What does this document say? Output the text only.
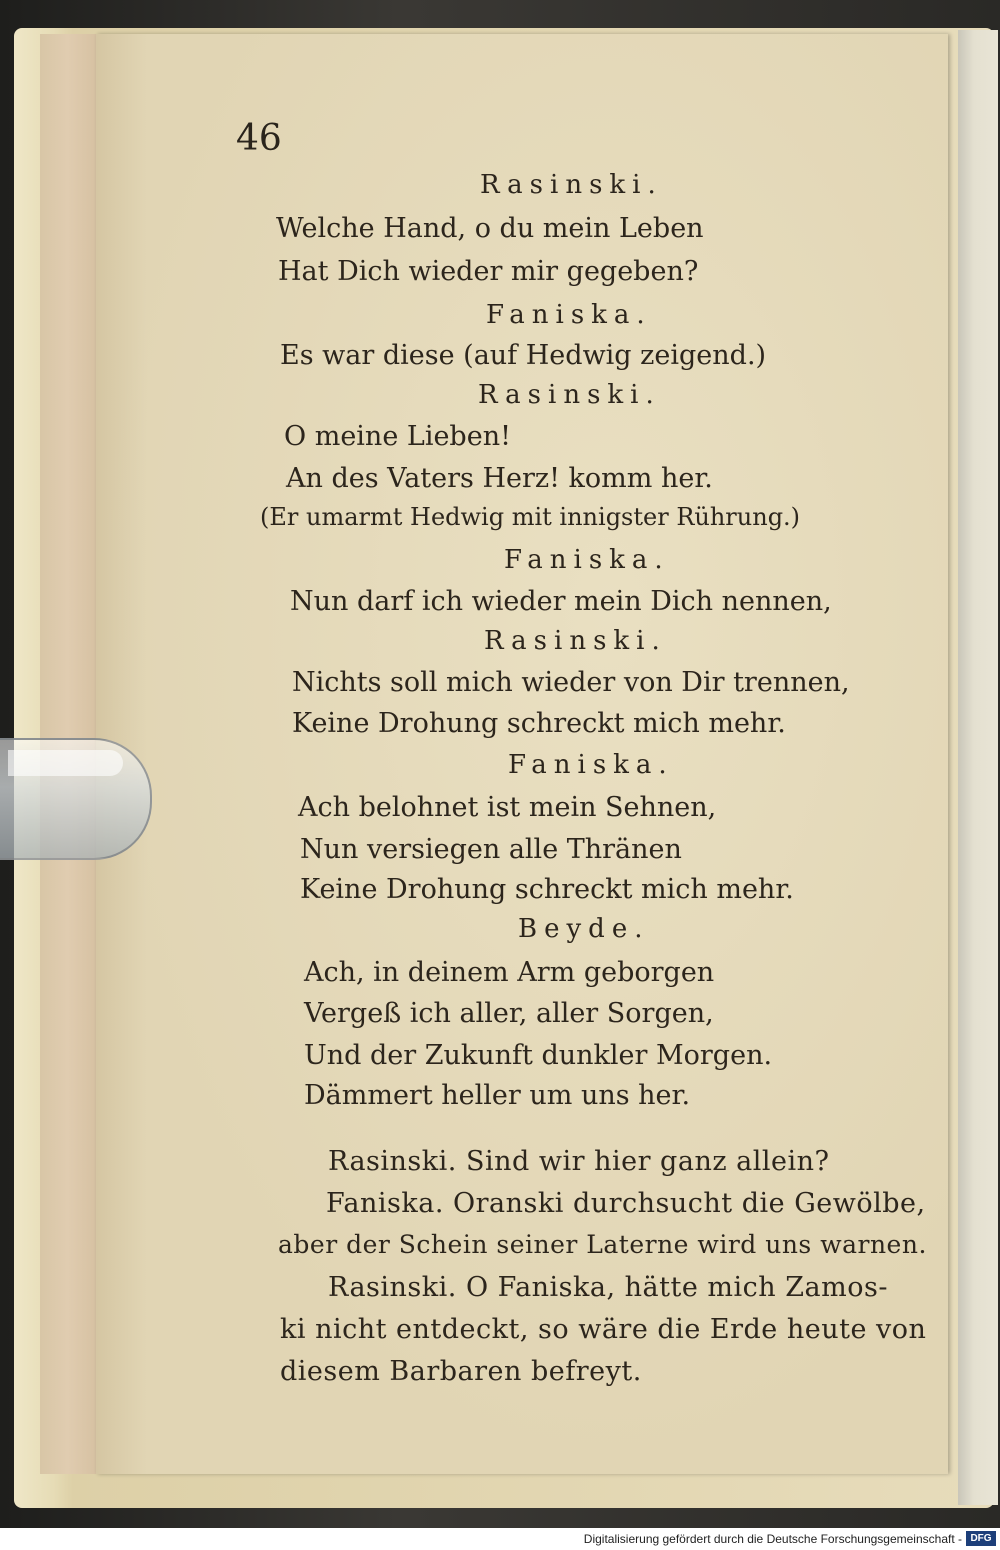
46
Rasinski.
Welche Hand, o du mein Leben
Hat Dich wieder mir gegeben?
Faniska.
Es war diese (auf Hedwig zeigend.)
Rasinski.
O meine Lieben!
An des Vaters Herz! komm her.
(Er umarmt Hedwig mit innigster Rührung.)
Faniska.
Nun darf ich wieder mein Dich nennen,
Rasinski.
Nichts soll mich wieder von Dir trennen,
Keine Drohung schreckt mich mehr.
Faniska.
Ach belohnet ist mein Sehnen,
Nun versiegen alle Thränen
Keine Drohung schreckt mich mehr.
Beyde.
Ach, in deinem Arm geborgen
Vergeß ich aller, aller Sorgen,
Und der Zukunft dunkler Morgen.
Dämmert heller um uns her.
Rasinski. Sind wir hier ganz allein?
Faniska. Oranski durchsucht die Gewölbe,
aber der Schein seiner Laterne wird uns warnen.
Rasinski. O Faniska, hätte mich Zamos-
ki nicht entdeckt, so wäre die Erde heute von
diesem Barbaren befreyt.
Digitalisierung gefördert durch die Deutsche Forschungsgemeinschaft - DFG
